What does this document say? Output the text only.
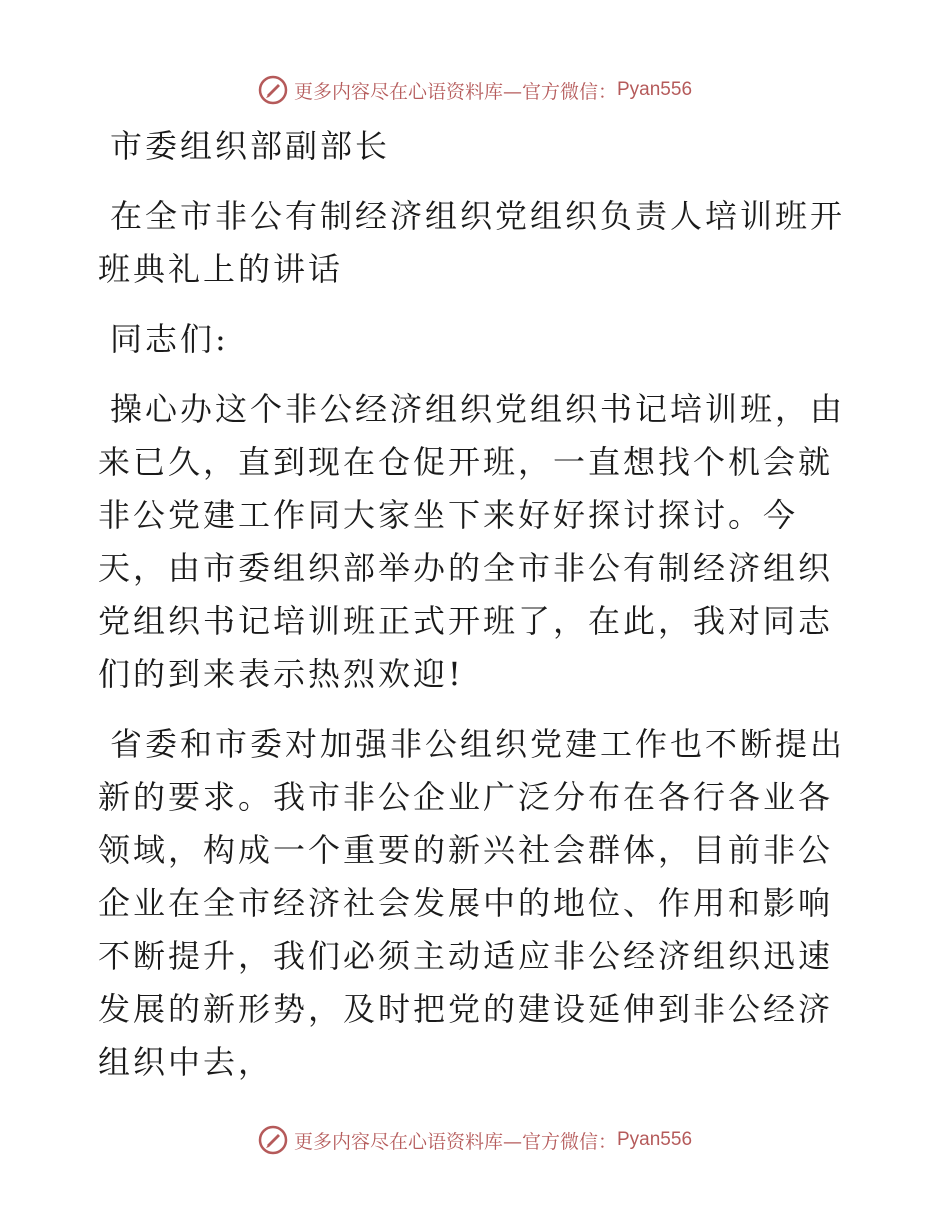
更多内容尽在心语资料库—官方微信： Pyan556

市委组织部副部长

在全市非公有制经济组织党组织负责人培训班开班典礼上的讲话

同志们:

操心办这个非公经济组织党组织书记培训班，由来已久，直到现在仓促开班，一直想找个机会就非公党建工作同大家坐下来好好探讨探讨。今天，由市委组织部举办的全市非公有制经济组织党组织书记培训班正式开班了，在此，我对同志们的到来表示热烈欢迎!

省委和市委对加强非公组织党建工作也不断提出新的要求。我市非公企业广泛分布在各行各业各领域，构成一个重要的新兴社会群体，目前非公企业在全市经济社会发展中的地位、作用和影响不断提升，我们必须主动适应非公经济组织迅速发展的新形势，及时把党的建设延伸到非公经济组织中去，

更多内容尽在心语资料库—官方微信： Pyan556
